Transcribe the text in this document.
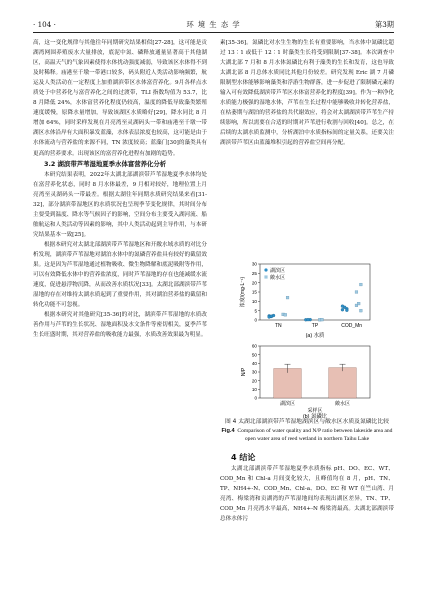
· 104 ·	环 境 生 态 学	第3期

高，这一变化规律与其他往年同期研究结果相似[27-28]，这可能是贡湖湾网围养殖废水大量排放，底泥中氮、磷释放通量显著高于其他湖区，高温天气的气象因素使得水体扰动强度减弱，导致该区水体得不到及时稀释。庙港至千墩一带港口较多，码头附近人类活动影响频繁，航运及人类活动在一定程度上加重湖滨带区水体富营养化。9月各样点水质处于中营养化与富营养化之间的过渡带，TLI 指数均值为 53.7，比 8 月降低 24%，水体富营养化程度仍较高，温度的降低导致藻类繁殖速度缓慢，原降水量增加，导致该湖区水质略好[29]，降水同比 8 月增加 64%，同时采样发现在月亮湾至灵湖码头一带和庙港至千墩一带湖区水体沿岸有大面积暴发蓝藻，水体表层浓度也较高，这可能是由于水体流动与营养盐的来源不同，TN 浓度较高；蓝藻门[30]的藻类具有更高的营养要求。出现该区的富营养化进程有加剧的趋势。

3.2 湖滨带芦苇湿地夏季水体富营养化分析

本研究结果表明，2022年太湖北部湖滨带芦苇湿地夏季水体均处在富营养化状态，同时 8 月水体最差，9 月相对较好，地理位置上月亮湾至灵湖码头一带最差。根据太湖往年同期水质研究结果来看[31-32]，部分湖滨带湿地区的水质状况也呈现季节变化规律，其时间分布主要受到温度、降水等气候因子的影响，空间分布主要受入湖河流、船舶航运和人类活动等因素的影响，其中人类活动起到主导作用，与本研究结果基本一致[25]。

根据本研究对太湖北部湖滨带芦苇湿地区和开敞水域水质的对比分析发现，湖滨带芦苇湿地对湖泊水体中的氮磷营养盐具有较好的截留效果。这是因为芦苇湿地通过植物吸收、微生物降解和底泥吸附等作用，可以有效降低水体中的营养盐浓度，同时芦苇湿地的存在也能减缓水流速度，促进悬浮物沉降，从而改善水质状况[33]。太湖北部湖滨带芦苇湿地的存在对维持太湖水质起到了重要作用，其对湖泊营养盐的截留和转化功能不可忽视。

根据本研究对其他研究[35-36]的对比，湖滨带芦苇湿地的水质改善作用与芦苇的生长状况、湿地面积及水文条件等密切相关，夏季芦苇生长旺盛时期，其对营养盐的吸收能力最强，水质改善效果最为明显。

素[35-36]。氮磷比对水生生物的生长有重要影响，当水体中氮磷比超过 13∶1 或低于 12∶1 时藻类生长将受到限制[37-38]。本次调查中大湖北部 7 月和 8 月水体氮磷比有利于藻类的生长和发育，这也导致太湖北部 8 月总体水质同比其他月份较差。研究发现 Eric 湖 7 月磷限制型水体能够影响藻类和浮游生物群落，进一步促进了限制磷元素的输入可有效降低湖滨带芦苇区水体富营养化的程度[39]。作为一种净化水质能力极强的湿地水体，芦苇在生长过程中能够吸收并转化营养盐，在枯萎期与湖泊的营养盐的共代谢效应，将会对太湖湖滨带芦苇生产持续影响，所以需要在合适的时期对芦苇进行收割与回收[40]。总之，在后续的太湖水质监测中，分析湖泊中水质指标间的定量关系，还要关注湖滨带芦苇区由蓝藻堆积引起的营养盐空间再分配。

0
5
10
15
20
25
30
TN	TP	COD_Mn
浓度/(mg·L⁻¹)
湖滨区
敞水区
(a) 水质
0
10
20
30
40
50
60
湖滨区	敞水区
N/P
采样区
(b) 氮磷比
图 4 太湖北部湖滨带芦苇湿地湖滨区与敞水区水质及氮磷比比较
Fig.4 Comparison of water quality and N/P ratio between lakeside area and open water area of reed wetland in northern Taihu Lake

4 结论

太湖北部湖滨带芦苇湿地夏季水质指标 pH、DO、EC、WT、COD_Mn 和 Chl-a 月间变化较大，且峰值均在 8 月，pH、TN、TP、NH4+-N、COD_Mn、Chl-a、DO、EC 和 WT 在竺山湾、月亮湾、梅梁湾和贡湖湾的芦苇湿地间均表现出湖区差异，TN、TP、COD_Mn 月亮湾水平最高，NH4+-N 梅梁湾最高。太湖北部湖滨带总体水体污
